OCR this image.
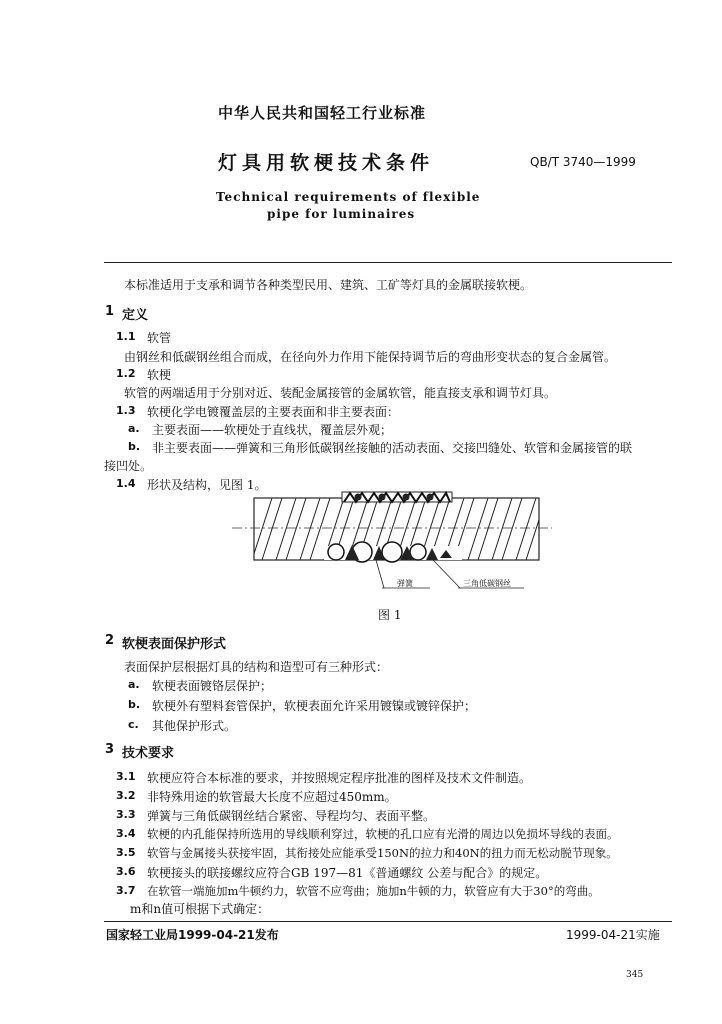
中华人民共和国轻工行业标准
灯具用软梗技术条件	QB/T 3740—1999
Technical requirements of flexible
pipe for luminaires
本标准适用于支承和调节各种类型民用、建筑、工矿等灯具的金属联接软梗。
1 定义
1.1 软管
由钢丝和低碳钢丝组合而成，在径向外力作用下能保持调节后的弯曲形变状态的复合金属管。
1.2 软梗
软管的两端适用于分别对近、装配金属接管的金属软管，能直接支承和调节灯具。
1.3 软梗化学电镀覆盖层的主要表面和非主要表面：
a. 主要表面——软梗处于直线状，覆盖层外观；
b. 非主要表面——弹簧和三角形低碳钢丝接触的活动表面、交接凹缝处、软管和金属接管的联
接凹处。
1.4 形状及结构，见图 1。
弹簧	三角低碳钢丝
图 1
2 软梗表面保护形式
表面保护层根据灯具的结构和造型可有三种形式：
a. 软梗表面镀铬层保护；
b. 软梗外有塑料套管保护，软梗表面允许采用镀镍或镀锌保护；
c. 其他保护形式。
3 技术要求
3.1 软梗应符合本标准的要求，并按照规定程序批准的图样及技术文件制造。
3.2 非特殊用途的软管最大长度不应超过450mm。
3.3 弹簧与三角低碳钢丝结合紧密、导程均匀、表面平整。
3.4 软梗的内孔能保持所选用的导线顺利穿过，软梗的孔口应有光滑的周边以免损坏导线的表面。
3.5 软管与金属接头获接牢固，其衔接处应能承受150N的拉力和40N的扭力而无松动脱节现象。
3.6 软梗接头的联接螺纹应符合GB 197—81《普通螺纹 公差与配合》的规定。
3.7 在软管一端施加m牛顿约力，软管不应弯曲；施加n牛顿的力，软管应有大于30°的弯曲。
m和n值可根据下式确定：
国家轻工业局1999-04-21发布	1999-04-21实施
345
